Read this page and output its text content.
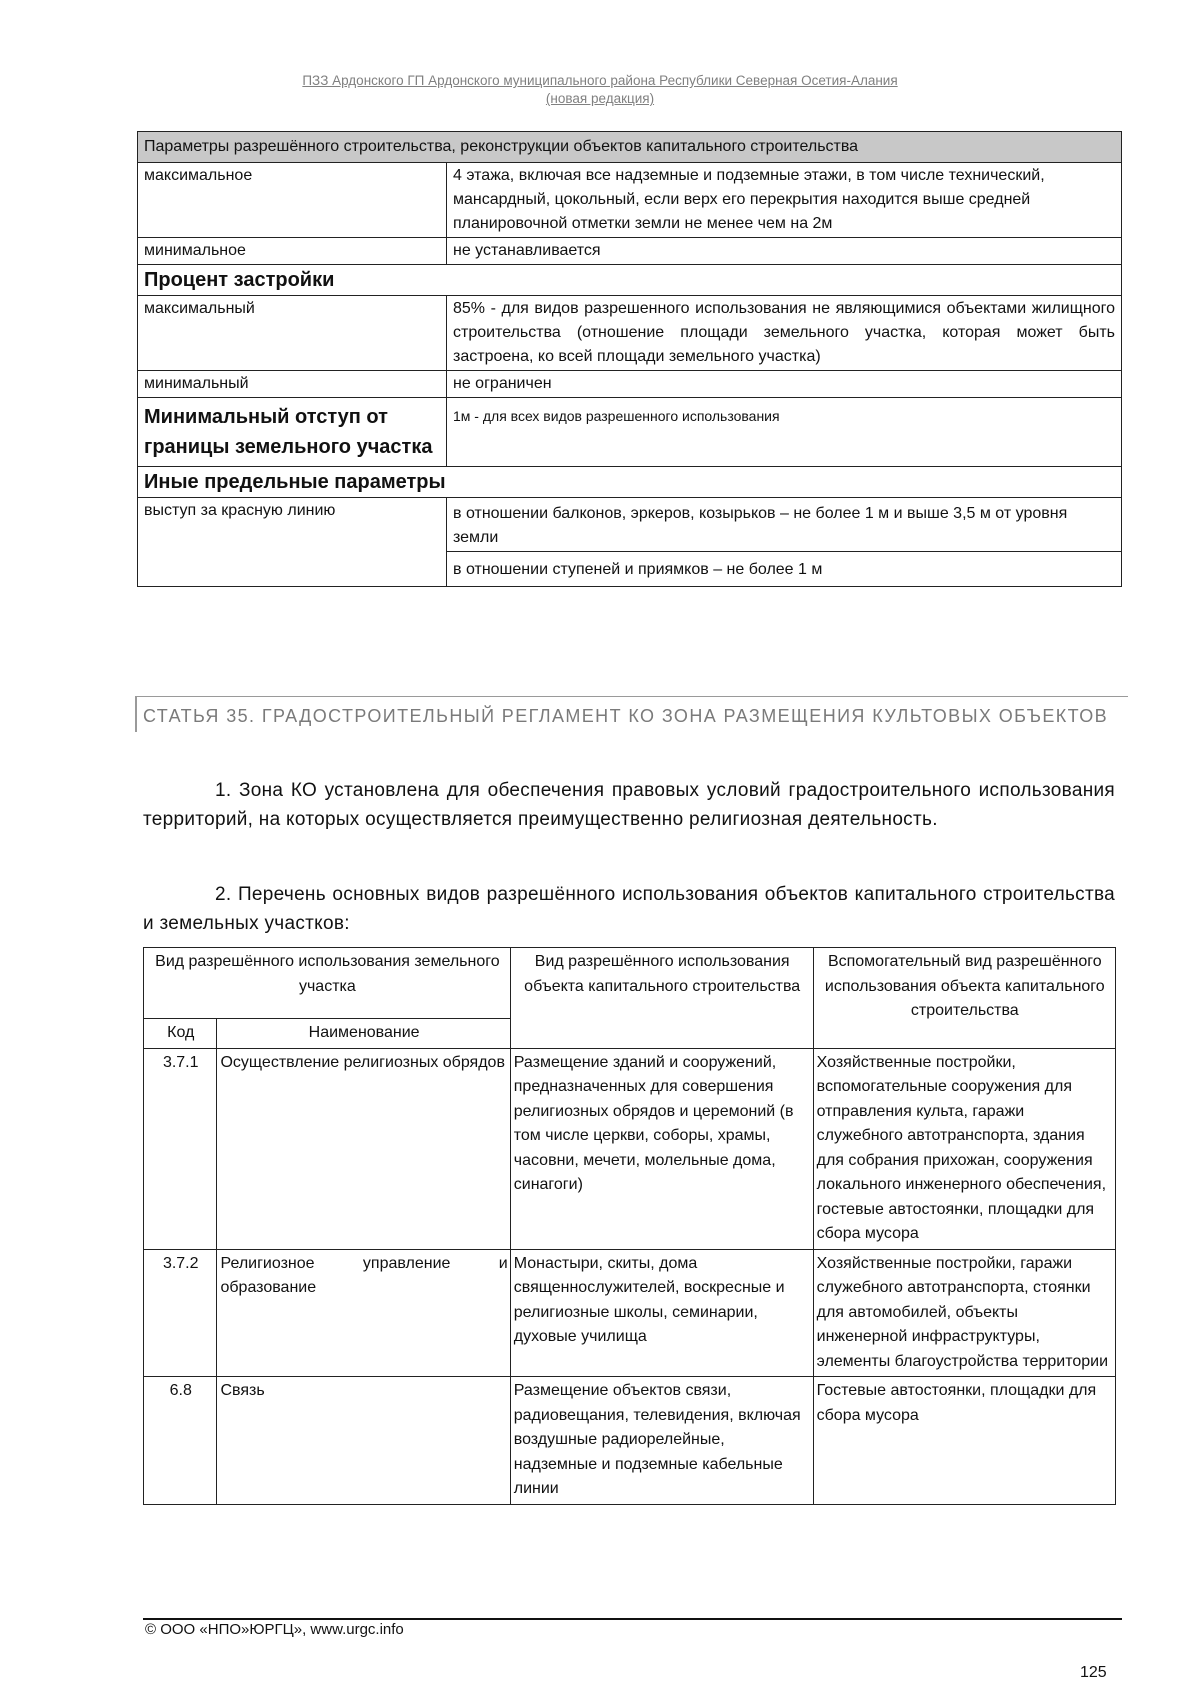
ПЗЗ Ардонского ГП Ардонского муниципального района Республики Северная Осетия-Алания
(новая редакция)
Параметры разрешённого строительства, реконструкции объектов капитального строительства	
максимальное	4 этажа, включая все надземные и подземные этажи, в том числе технический, мансардный, цокольный, если верх его перекрытия находится выше средней планировочной отметки земли не менее чем на 2м
минимальное	не устанавливается
Процент застройки	
максимальный	85% - для видов разрешенного использования не являющимися объектами жилищного строительства (отношение площади земельного участка, которая может быть застроена, ко всей площади земельного участка)
минимальный	не ограничен
Минимальный отступ от границы земельного участка	1м - для всех видов разрешенного использования
Иные предельные параметры	
выступ за красную линию	в отношении балконов, эркеров, козырьков – не более 1 м и выше 3,5 м от уровня земли
	в отношении ступеней и приямков – не более 1 м
СТАТЬЯ 35. ГРАДОСТРОИТЕЛЬНЫЙ РЕГЛАМЕНТ КО ЗОНА РАЗМЕЩЕНИЯ КУЛЬТОВЫХ ОБЪЕКТОВ
1. Зона КО установлена для обеспечения правовых условий градостроительного использования территорий, на которых осуществляется преимущественно религиозная деятельность.
2. Перечень основных видов разрешённого использования объектов капитального строительства и земельных участков:
Вид разрешённого использования земельного участка		Вид разрешённого использования объекта капитального строительства	Вспомогательный вид разрешённого использования объекта капитального строительства
Код	Наименование		
3.7.1	Осуществление религиозных обрядов	Размещение зданий и сооружений, предназначенных для совершения религиозных обрядов и церемоний (в том числе церкви, соборы, храмы, часовни, мечети, молельные дома, синагоги)	Хозяйственные постройки, вспомогательные сооружения для отправления культа, гаражи служебного автотранспорта, здания для собрания прихожан, сооружения локального инженерного обеспечения, гостевые автостоянки, площадки для сбора мусора
3.7.2	Религиозное управление и образование	Монастыри, скиты, дома священнослужителей, воскресные и религиозные школы, семинарии, духовые училища	Хозяйственные постройки, гаражи служебного автотранспорта, стоянки для автомобилей, объекты инженерной инфраструктуры, элементы благоустройства территории
6.8	Связь	Размещение объектов связи, радиовещания, телевидения, включая воздушные радиорелейные, надземные и подземные кабельные линии	Гостевые автостоянки, площадки для сбора мусора
© ООО «НПО»ЮРГЦ», www.urgc.info
125
